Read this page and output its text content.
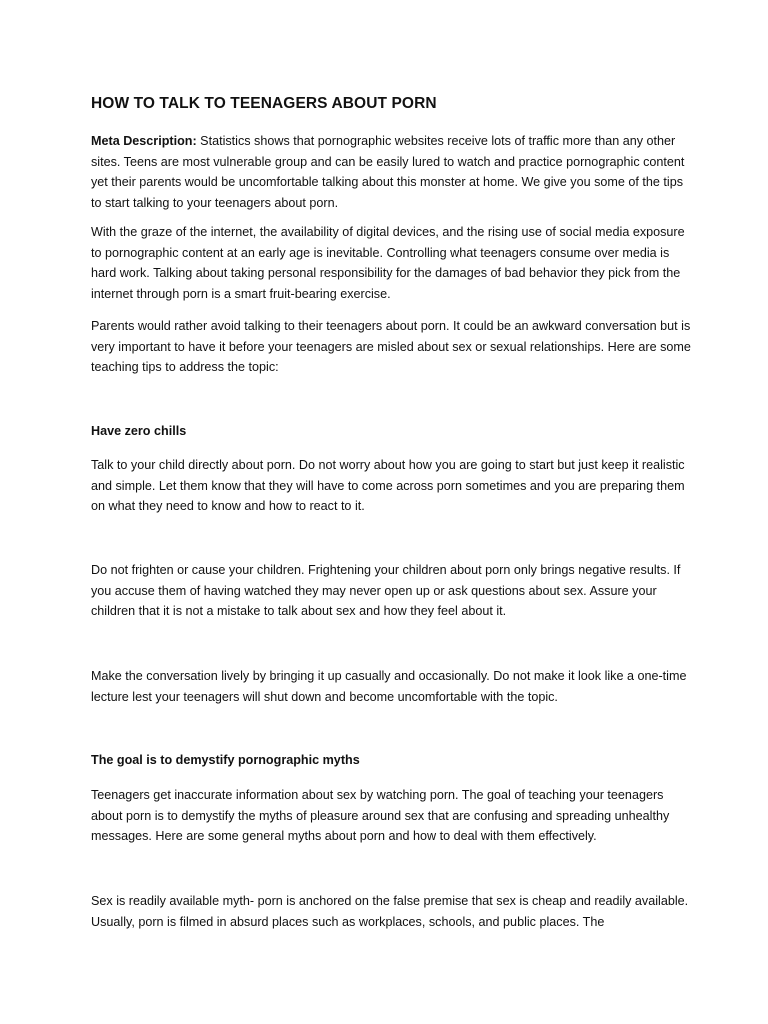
HOW TO TALK TO TEENAGERS ABOUT PORN

Meta Description: Statistics shows that pornographic websites receive lots of traffic more than any other sites. Teens are most vulnerable group and can be easily lured to watch and practice pornographic content yet their parents would be uncomfortable talking about this monster at home. We give you some of the tips to start talking to your teenagers about porn.

With the graze of the internet, the availability of digital devices, and the rising use of social media exposure to pornographic content at an early age is inevitable. Controlling what teenagers consume over media is hard work. Talking about taking personal responsibility for the damages of bad behavior they pick from the internet through porn is a smart fruit-bearing exercise.

Parents would rather avoid talking to their teenagers about porn. It could be an awkward conversation but is very important to have it before your teenagers are misled about sex or sexual relationships. Here are some teaching tips to address the topic:

Have zero chills

Talk to your child directly about porn. Do not worry about how you are going to start but just keep it realistic and simple. Let them know that they will have to come across porn sometimes and you are preparing them on what they need to know and how to react to it.

Do not frighten or cause your children. Frightening your children about porn only brings negative results. If you accuse them of having watched they may never open up or ask questions about sex. Assure your children that it is not a mistake to talk about sex and how they feel about it.

Make the conversation lively by bringing it up casually and occasionally. Do not make it look like a one-time lecture lest your teenagers will shut down and become uncomfortable with the topic.

The goal is to demystify pornographic myths

Teenagers get inaccurate information about sex by watching porn. The goal of teaching your teenagers about porn is to demystify the myths of pleasure around sex that are confusing and spreading unhealthy messages. Here are some general myths about porn and how to deal with them effectively.

Sex is readily available myth- porn is anchored on the false premise that sex is cheap and readily available. Usually, porn is filmed in absurd places such as workplaces, schools, and public places. The
